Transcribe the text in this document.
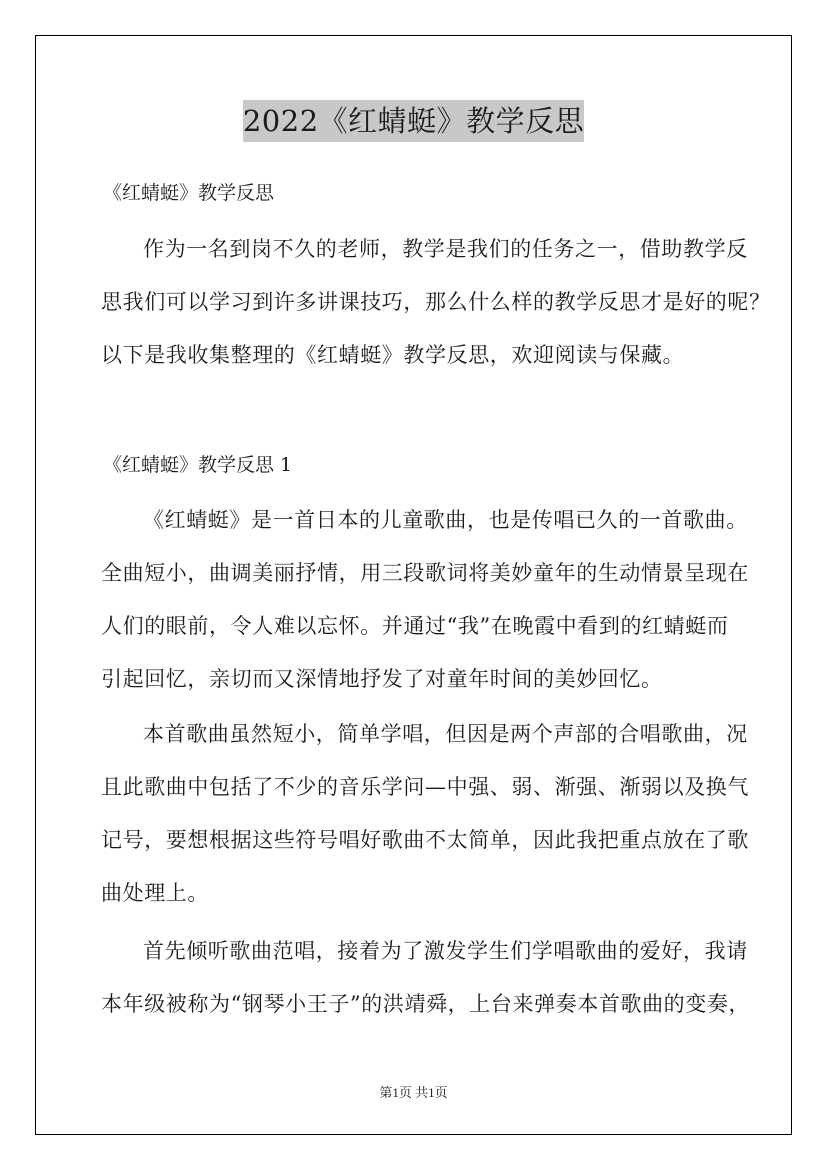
2022《红蜻蜓》教学反思

《红蜻蜓》教学反思

作为一名到岗不久的老师，教学是我们的任务之一，借助教学反

思我们可以学习到许多讲课技巧，那么什么样的教学反思才是好的呢？

以下是我收集整理的《红蜻蜓》教学反思，欢迎阅读与保藏。

《红蜻蜓》教学反思 1

《红蜻蜓》是一首日本的儿童歌曲，也是传唱已久的一首歌曲。

全曲短小，曲调美丽抒情，用三段歌词将美妙童年的生动情景呈现在

人们的眼前，令人难以忘怀。并通过“我”在晚霞中看到的红蜻蜓而

引起回忆，亲切而又深情地抒发了对童年时间的美妙回忆。

本首歌曲虽然短小，简单学唱，但因是两个声部的合唱歌曲，况

且此歌曲中包括了不少的音乐学问—中强、弱、渐强、渐弱以及换气

记号，要想根据这些符号唱好歌曲不太简单，因此我把重点放在了歌

曲处理上。

首先倾听歌曲范唱，接着为了激发学生们学唱歌曲的爱好，我请

本年级被称为“钢琴小王子”的洪靖舜，上台来弹奏本首歌曲的变奏，

第1页 共1页
